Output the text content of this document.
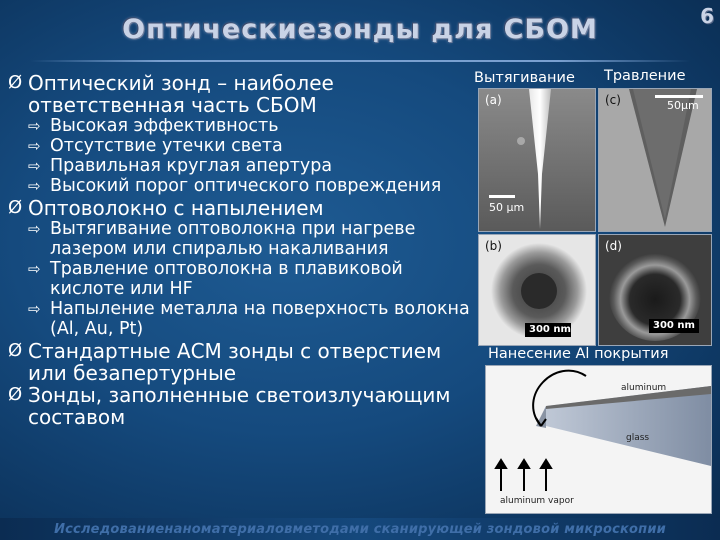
Оптическиезонды для СБОМ	6
Ø Оптический зонд – наиболее ответственная часть СБОМ
⇨ Высокая эффективность
⇨ Отсутствие утечки света
⇨ Правильная круглая апертура
⇨ Высокий порог оптического повреждения
Ø Оптоволокно с напылением
⇨ Вытягивание оптоволокна при нагреве лазером или спиралью накаливания
⇨ Травление оптоволокна в плавиковой кислоте или HF
⇨ Напыление металла на поверхность волокна (Al, Au, Pt)
Ø Стандартные АСМ зонды с отверстием или безапертурные
Ø Зонды, заполненные светоизлучающим составом
Вытягивание Травление
(a)
50 μm
(c)	50μm
(b)
300 nm
(d)
300 nm
Нанесение Al покрытия
aluminum
glass
aluminum vapor
Исследованиенаноматериаловметодами сканирующей зондовой микроскопии
